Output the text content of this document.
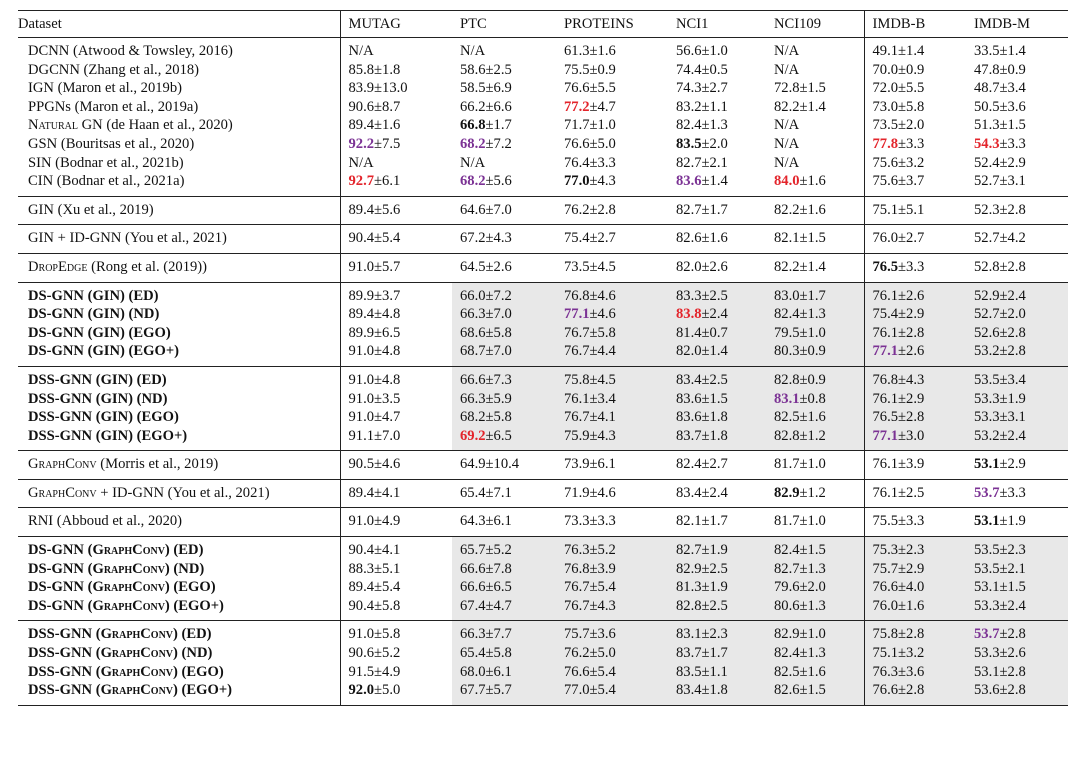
Dataset	MUTAG	PTC	PROTEINS	NCI1	NCI109	IMDB-B	IMDB-M
DCNN (Atwood & Towsley, 2016)	N/A	N/A	61.3±1.6	56.6±1.0	N/A	49.1±1.4	33.5±1.4
DGCNN (Zhang et al., 2018)	85.8±1.8	58.6±2.5	75.5±0.9	74.4±0.5	N/A	70.0±0.9	47.8±0.9
IGN (Maron et al., 2019b)	83.9±13.0	58.5±6.9	76.6±5.5	74.3±2.7	72.8±1.5	72.0±5.5	48.7±3.4
PPGNs (Maron et al., 2019a)	90.6±8.7	66.2±6.6	77.2±4.7	83.2±1.1	82.2±1.4	73.0±5.8	50.5±3.6
Natural GN (de Haan et al., 2020)	89.4±1.6	66.8±1.7	71.7±1.0	82.4±1.3	N/A	73.5±2.0	51.3±1.5
GSN (Bouritsas et al., 2020)	92.2±7.5	68.2±7.2	76.6±5.0	83.5±2.0	N/A	77.8±3.3	54.3±3.3
SIN (Bodnar et al., 2021b)	N/A	N/A	76.4±3.3	82.7±2.1	N/A	75.6±3.2	52.4±2.9
CIN (Bodnar et al., 2021a)	92.7±6.1	68.2±5.6	77.0±4.3	83.6±1.4	84.0±1.6	75.6±3.7	52.7±3.1
GIN (Xu et al., 2019)	89.4±5.6	64.6±7.0	76.2±2.8	82.7±1.7	82.2±1.6	75.1±5.1	52.3±2.8
GIN + ID-GNN (You et al., 2021)	90.4±5.4	67.2±4.3	75.4±2.7	82.6±1.6	82.1±1.5	76.0±2.7	52.7±4.2
DropEdge (Rong et al. (2019))	91.0±5.7	64.5±2.6	73.5±4.5	82.0±2.6	82.2±1.4	76.5±3.3	52.8±2.8
DS-GNN (GIN) (ED)	89.9±3.7	66.0±7.2	76.8±4.6	83.3±2.5	83.0±1.7	76.1±2.6	52.9±2.4
DS-GNN (GIN) (ND)	89.4±4.8	66.3±7.0	77.1±4.6	83.8±2.4	82.4±1.3	75.4±2.9	52.7±2.0
DS-GNN (GIN) (EGO)	89.9±6.5	68.6±5.8	76.7±5.8	81.4±0.7	79.5±1.0	76.1±2.8	52.6±2.8
DS-GNN (GIN) (EGO+)	91.0±4.8	68.7±7.0	76.7±4.4	82.0±1.4	80.3±0.9	77.1±2.6	53.2±2.8
DSS-GNN (GIN) (ED)	91.0±4.8	66.6±7.3	75.8±4.5	83.4±2.5	82.8±0.9	76.8±4.3	53.5±3.4
DSS-GNN (GIN) (ND)	91.0±3.5	66.3±5.9	76.1±3.4	83.6±1.5	83.1±0.8	76.1±2.9	53.3±1.9
DSS-GNN (GIN) (EGO)	91.0±4.7	68.2±5.8	76.7±4.1	83.6±1.8	82.5±1.6	76.5±2.8	53.3±3.1
DSS-GNN (GIN) (EGO+)	91.1±7.0	69.2±6.5	75.9±4.3	83.7±1.8	82.8±1.2	77.1±3.0	53.2±2.4
GraphConv (Morris et al., 2019)	90.5±4.6	64.9±10.4	73.9±6.1	82.4±2.7	81.7±1.0	76.1±3.9	53.1±2.9
GraphConv + ID-GNN (You et al., 2021)	89.4±4.1	65.4±7.1	71.9±4.6	83.4±2.4	82.9±1.2	76.1±2.5	53.7±3.3
RNI (Abboud et al., 2020)	91.0±4.9	64.3±6.1	73.3±3.3	82.1±1.7	81.7±1.0	75.5±3.3	53.1±1.9
DS-GNN (GraphConv) (ED)	90.4±4.1	65.7±5.2	76.3±5.2	82.7±1.9	82.4±1.5	75.3±2.3	53.5±2.3
DS-GNN (GraphConv) (ND)	88.3±5.1	66.6±7.8	76.8±3.9	82.9±2.5	82.7±1.3	75.7±2.9	53.5±2.1
DS-GNN (GraphConv) (EGO)	89.4±5.4	66.6±6.5	76.7±5.4	81.3±1.9	79.6±2.0	76.6±4.0	53.1±1.5
DS-GNN (GraphConv) (EGO+)	90.4±5.8	67.4±4.7	76.7±4.3	82.8±2.5	80.6±1.3	76.0±1.6	53.3±2.4
DSS-GNN (GraphConv) (ED)	91.0±5.8	66.3±7.7	75.7±3.6	83.1±2.3	82.9±1.0	75.8±2.8	53.7±2.8
DSS-GNN (GraphConv) (ND)	90.6±5.2	65.4±5.8	76.2±5.0	83.7±1.7	82.4±1.3	75.1±3.2	53.3±2.6
DSS-GNN (GraphConv) (EGO)	91.5±4.9	68.0±6.1	76.6±5.4	83.5±1.1	82.5±1.6	76.3±3.6	53.1±2.8
DSS-GNN (GraphConv) (EGO+)	92.0±5.0	67.7±5.7	77.0±5.4	83.4±1.8	82.6±1.5	76.6±2.8	53.6±2.8
